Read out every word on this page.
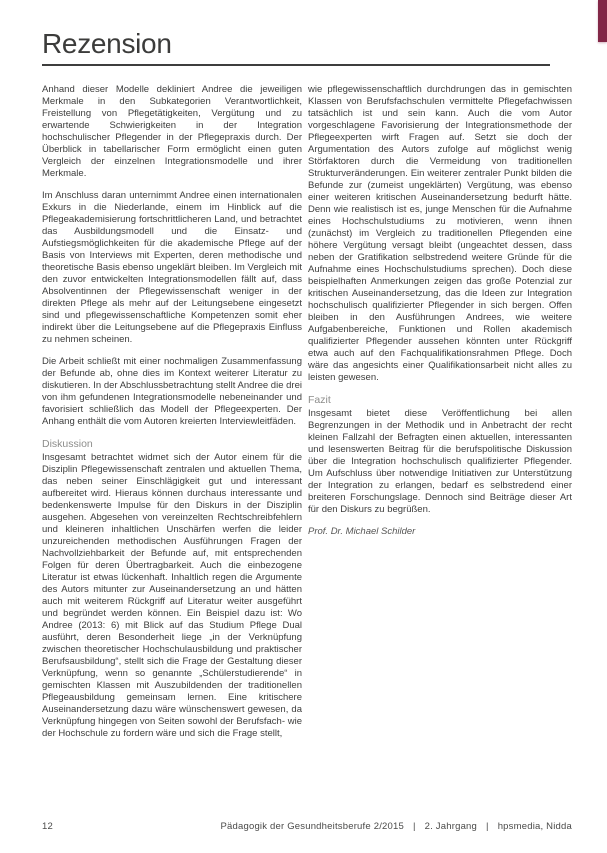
Rezension

Anhand dieser Modelle dekliniert Andree die jeweiligen Merkmale in den Subkategorien Verantwortlichkeit, Freistellung von Pflegetätigkeiten, Vergütung und zu erwartende Schwierigkeiten in der Integration hochschulischer Pflegender in der Pflegepraxis durch. Der Überblick in tabellarischer Form ermöglicht einen guten Vergleich der einzelnen Integrationsmodelle und ihrer Merkmale.

Im Anschluss daran unternimmt Andree einen internationalen Exkurs in die Niederlande, einem im Hinblick auf die Pflegeakademisierung fortschrittlicheren Land, und betrachtet das Ausbildungsmodell und die Einsatz- und Aufstiegsmöglichkeiten für die akademische Pflege auf der Basis von Interviews mit Experten, deren methodische und theoretische Basis ebenso ungeklärt bleiben. Im Vergleich mit den zuvor entwickelten Integrationsmodellen fällt auf, dass Absolventinnen der Pflegewissenschaft weniger in der direkten Pflege als mehr auf der Leitungsebene eingesetzt sind und pflegewissenschaftliche Kompetenzen somit eher indirekt über die Leitungsebene auf die Pflegepraxis Einfluss zu nehmen scheinen.

Die Arbeit schließt mit einer nochmaligen Zusammenfassung der Befunde ab, ohne dies im Kontext weiterer Literatur zu diskutieren. In der Abschlussbetrachtung stellt Andree die drei von ihm gefundenen Integrationsmodelle nebeneinander und favorisiert schließlich das Modell der Pflegeexperten. Der Anhang enthält die vom Autoren kreierten Interviewleitfäden.

Diskussion

Insgesamt betrachtet widmet sich der Autor einem für die Disziplin Pflegewissenschaft zentralen und aktuellen Thema, das neben seiner Einschlägigkeit gut und interessant aufbereitet wird. Hieraus können durchaus interessante und bedenkenswerte Impulse für den Diskurs in der Disziplin ausgehen. Abgesehen von vereinzelten Rechtschreibfehlern und kleineren inhaltlichen Unschärfen werfen die leider unzureichenden methodischen Ausführungen Fragen der Nachvollziehbarkeit der Befunde auf, mit entsprechenden Folgen für deren Übertragbarkeit. Auch die einbezogene Literatur ist etwas lückenhaft. Inhaltlich regen die Argumente des Autors mitunter zur Auseinandersetzung an und hätten auch mit weiterem Rückgriff auf Literatur weiter ausgeführt und begründet werden können. Ein Beispiel dazu ist: Wo Andree (2013: 6) mit Blick auf das Studium Pflege Dual ausführt, deren Besonderheit liege „in der Verknüpfung zwischen theoretischer Hochschulausbildung und praktischer Berufsausbildung“, stellt sich die Frage der Gestaltung dieser Verknüpfung, wenn so genannte „Schülerstudierende“ in gemischten Klassen mit Auszubildenden der traditionellen Pflegeausbildung gemeinsam lernen. Eine kritischere Auseinandersetzung dazu wäre wünschenswert gewesen, da Verknüpfung hingegen von Seiten sowohl der Berufsfach- wie der Hochschule zu fordern wäre und sich die Frage stellt,

wie pflegewissenschaftlich durchdrungen das in gemischten Klassen von Berufsfachschulen vermittelte Pflegefachwissen tatsächlich ist und sein kann. Auch die vom Autor vorgeschlagene Favorisierung der Integrationsmethode der Pflegeexperten wirft Fragen auf. Setzt sie doch der Argumentation des Autors zufolge auf möglichst wenig Störfaktoren durch die Vermeidung von traditionellen Strukturveränderungen. Ein weiterer zentraler Punkt bilden die Befunde zur (zumeist ungeklärten) Vergütung, was ebenso einer weiteren kritischen Auseinandersetzung bedurft hätte. Denn wie realistisch ist es, junge Menschen für die Aufnahme eines Hochschulstudiums zu motivieren, wenn ihnen (zunächst) im Vergleich zu traditionellen Pflegenden eine höhere Vergütung versagt bleibt (ungeachtet dessen, dass neben der Gratifikation selbstredend weitere Gründe für die Aufnahme eines Hochschulstudiums sprechen). Doch diese beispielhaften Anmerkungen zeigen das große Potenzial zur kritischen Auseinandersetzung, das die Ideen zur Integration hochschulisch qualifizierter Pflegender in sich bergen. Offen bleiben in den Ausführungen Andrees, wie weitere Aufgabenbereiche, Funktionen und Rollen akademisch qualifizierter Pflegender aussehen könnten unter Rückgriff etwa auch auf den Fachqualifikationsrahmen Pflege. Doch wäre das angesichts einer Qualifikationsarbeit nicht alles zu leisten gewesen.

Fazit

Insgesamt bietet diese Veröffentlichung bei allen Begrenzungen in der Methodik und in Anbetracht der recht kleinen Fallzahl der Befragten einen aktuellen, interessanten und lesenswerten Beitrag für die berufspolitische Diskussion über die Integration hochschulisch qualifizierter Pflegender. Um Aufschluss über notwendige Initiativen zur Unterstützung der Integration zu erlangen, bedarf es selbstredend einer breiteren Forschungslage. Dennoch sind Beiträge dieser Art für den Diskurs zu begrüßen.

Prof. Dr. Michael Schilder
12	Pädagogik der Gesundheitsberufe 2/2015 | 2. Jahrgang | hpsmedia, Nidda
